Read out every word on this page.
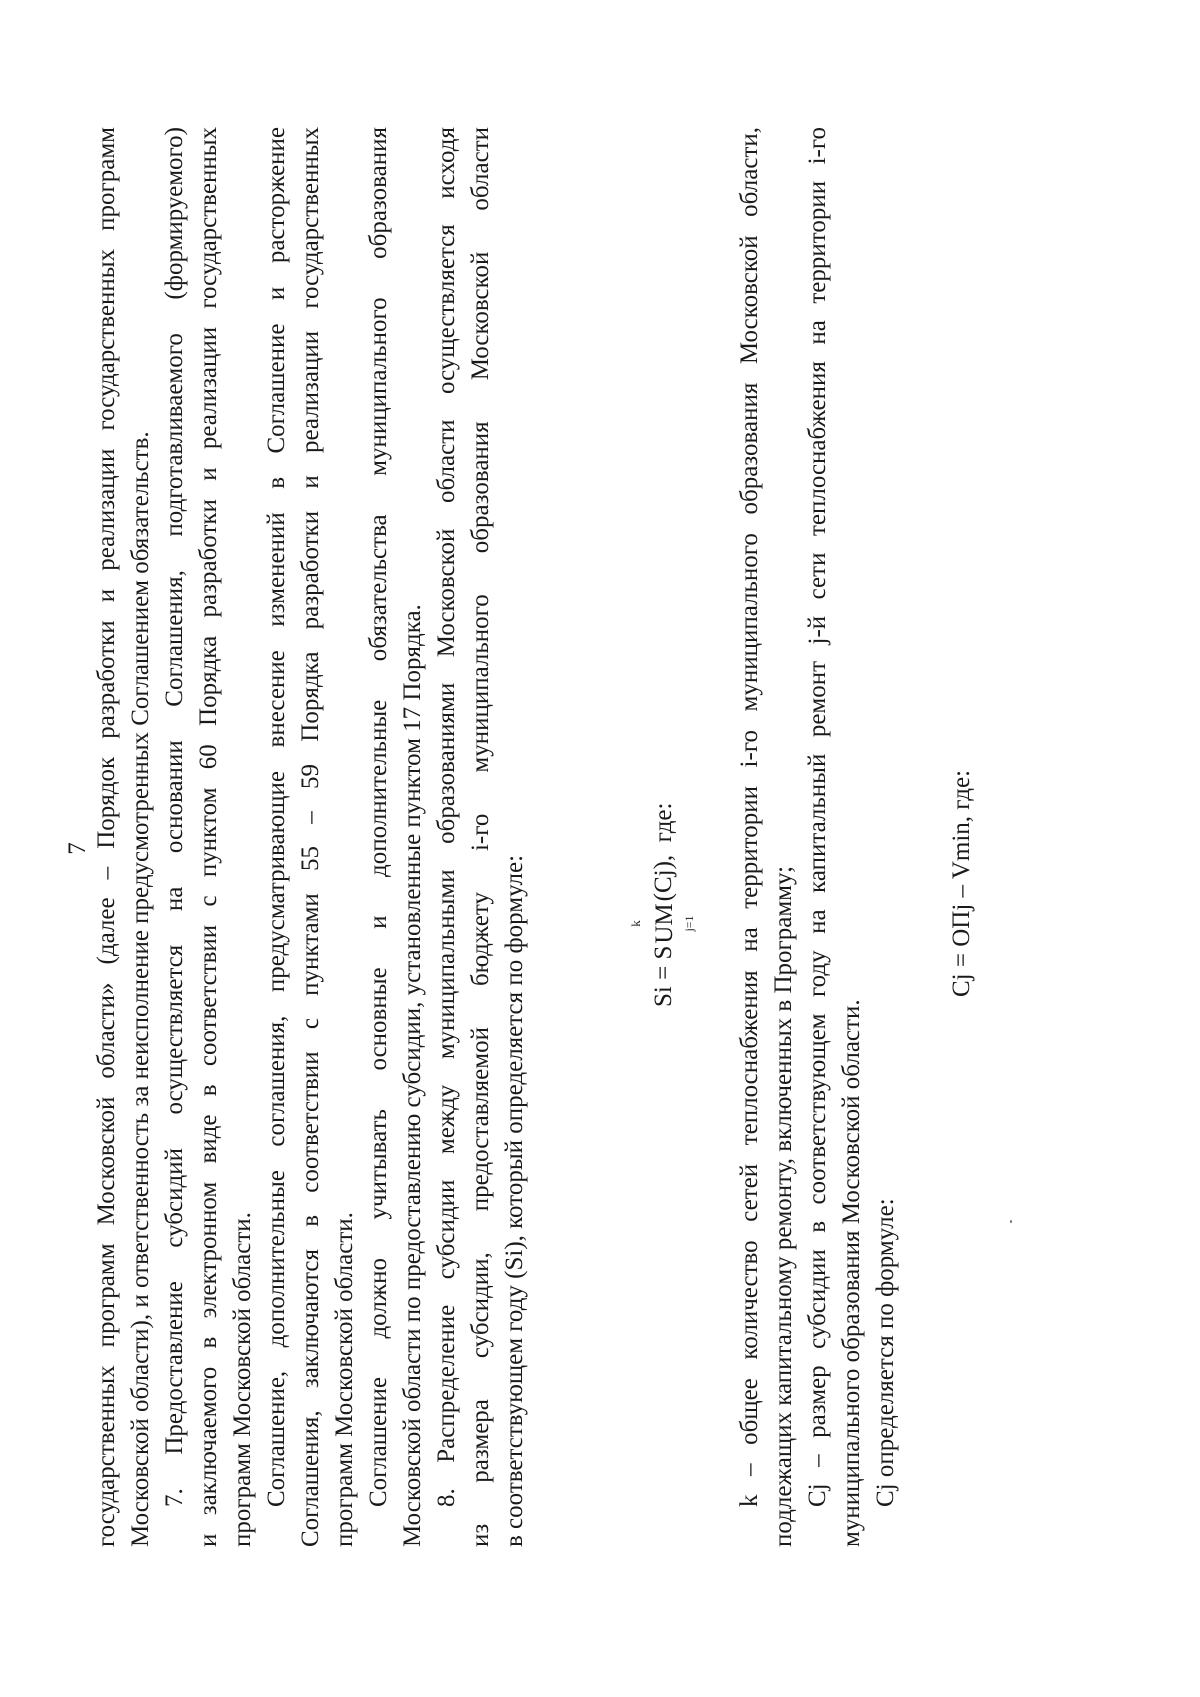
7 государственных программ Московской области» (далее – Порядок разработки и реализации государственных программ Московской области), и ответственность за неисполнение предусмотренных Соглашением обязательств. 7. Предоставление субсидий осуществляется на основании Соглашения, подготавливаемого (формируемого) и заключаемого в электронном виде в соответствии с пунктом 60 Порядка разработки и реализации государственных программ Московской области. Соглашение, дополнительные соглашения, предусматривающие внесение изменений в Соглашение и расторжение Соглашения, заключаются в соответствии с пунктами 55 – 59 Порядка разработки и реализации государственных программ Московской области. Соглашение должно учитывать основные и дополнительные обязательства муниципального образования Московской области по предоставлению субсидии, установленные пунктом 17 Порядка. 8. Распределение субсидии между муниципальными образованиями Московской области осуществляется исходя из размера субсидии, предоставляемой бюджету i-го муниципального образования Московской области в соответствующем году (Si), который определяется по формуле:	Si = S
k UM j=1
(Cj),  где: k – общее количество сетей теплоснабжения на территории i-го муниципального образования Московской области, подлежащих капитальному ремонту, включенных в Программу; Cj – размер субсидии в соответствующем году на капитальный ремонт j-й сети теплоснабжения на территории i-го муниципального образования Московской области. Cj определяется по формуле:
Cj = ОПj – Vmin, где:
